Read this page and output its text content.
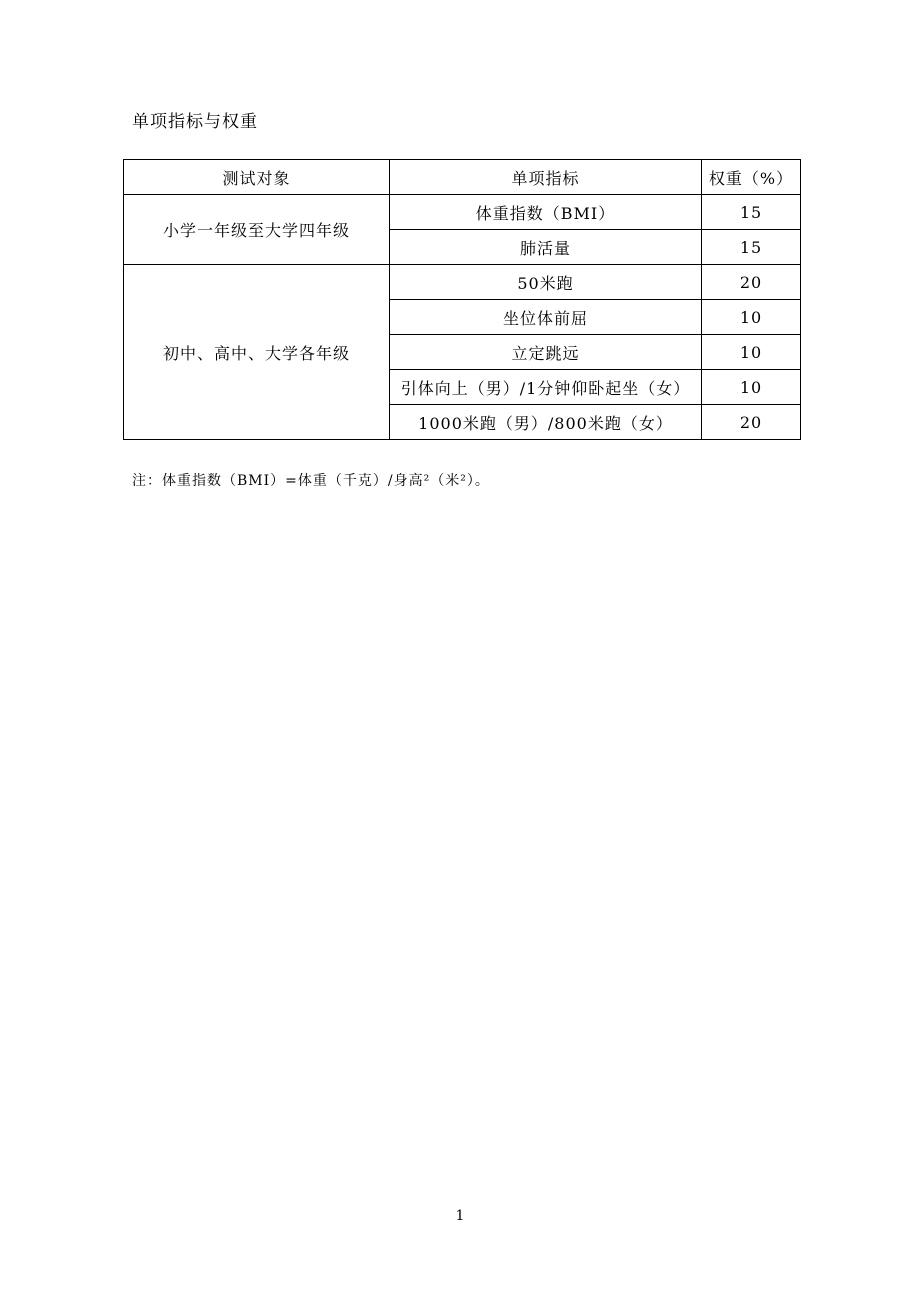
单项指标与权重
测试对象	单项指标	权重（%）
小学一年级至大学四年级	体重指数（BMI）	15
	肺活量	15
初中、高中、大学各年级	50米跑	20
	坐位体前屈	10
	立定跳远	10
	引体向上（男）/1分钟仰卧起坐（女）	10
	1000米跑（男）/800米跑（女）	20
注：体重指数（BMI）=体重（千克）/身高²（米²）。
1
